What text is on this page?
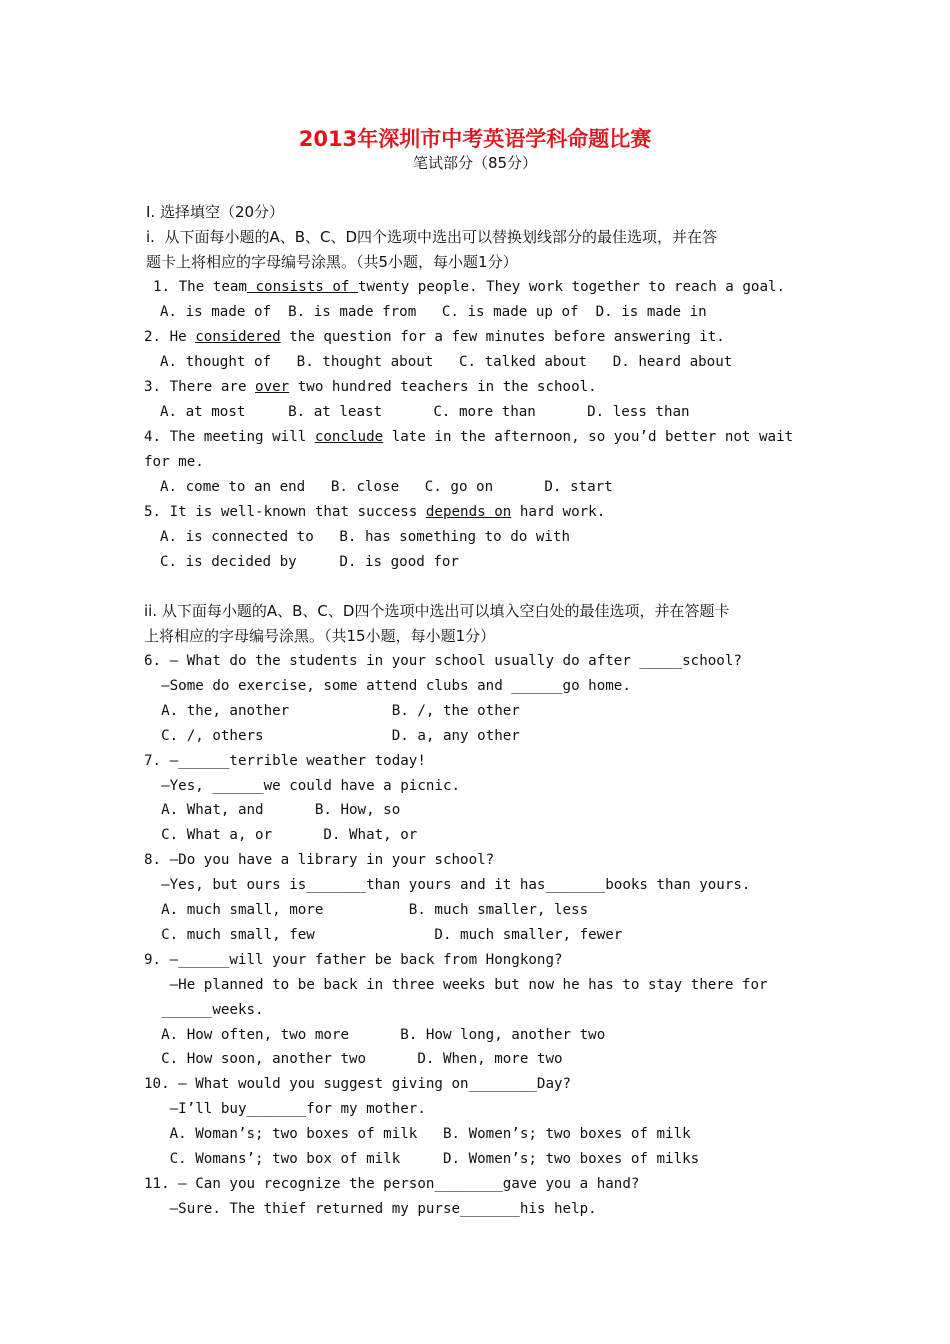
2013年深圳市中考英语学科命题比赛
笔试部分（85分）
Ⅰ. 选择填空（20分）
i.  从下面每小题的A、B、C、D四个选项中选出可以替换划线部分的最佳选项，并在答
题卡上将相应的字母编号涂黑。（共5小题，每小题1分）
1. The team consists of twenty people. They work together to reach a goal.
A. is made of  B. is made from   C. is made up of  D. is made in
2. He considered the question for a few minutes before answering it.
A. thought of   B. thought about   C. talked about   D. heard about
3. There are over two hundred teachers in the school.
A. at most     B. at least      C. more than      D. less than
4. The meeting will conclude late in the afternoon, so you’d better not wait
for me.
A. come to an end   B. close   C. go on      D. start
5. It is well-known that success depends on hard work.
A. is connected to   B. has something to do with
C. is decided by     D. is good for
ii. 从下面每小题的A、B、C、D四个选项中选出可以填入空白处的最佳选项，并在答题卡
上将相应的字母编号涂黑。（共15小题，每小题1分）
6. — What do the students in your school usually do after _____school?
—Some do exercise, some attend clubs and ______go home.
A. the, another            B. /, the other
C. /, others               D. a, any other
7. —______terrible weather today!
—Yes, ______we could have a picnic.
A. What, and      B. How, so
C. What a, or      D. What, or
8. —Do you have a library in your school?
—Yes, but ours is_______than yours and it has_______books than yours.
A. much small, more          B. much smaller, less
C. much small, few              D. much smaller, fewer
9. —______will your father be back from Hongkong?
—He planned to be back in three weeks but now he has to stay there for
______weeks.
A. How often, two more      B. How long, another two
C. How soon, another two      D. When, more two
10. — What would you suggest giving on________Day?
—I’ll buy_______for my mother.
A. Woman’s; two boxes of milk   B. Women’s; two boxes of milk
C. Womans’; two box of milk     D. Women’s; two boxes of milks
11. — Can you recognize the person________gave you a hand?
—Sure. The thief returned my purse_______his help.
